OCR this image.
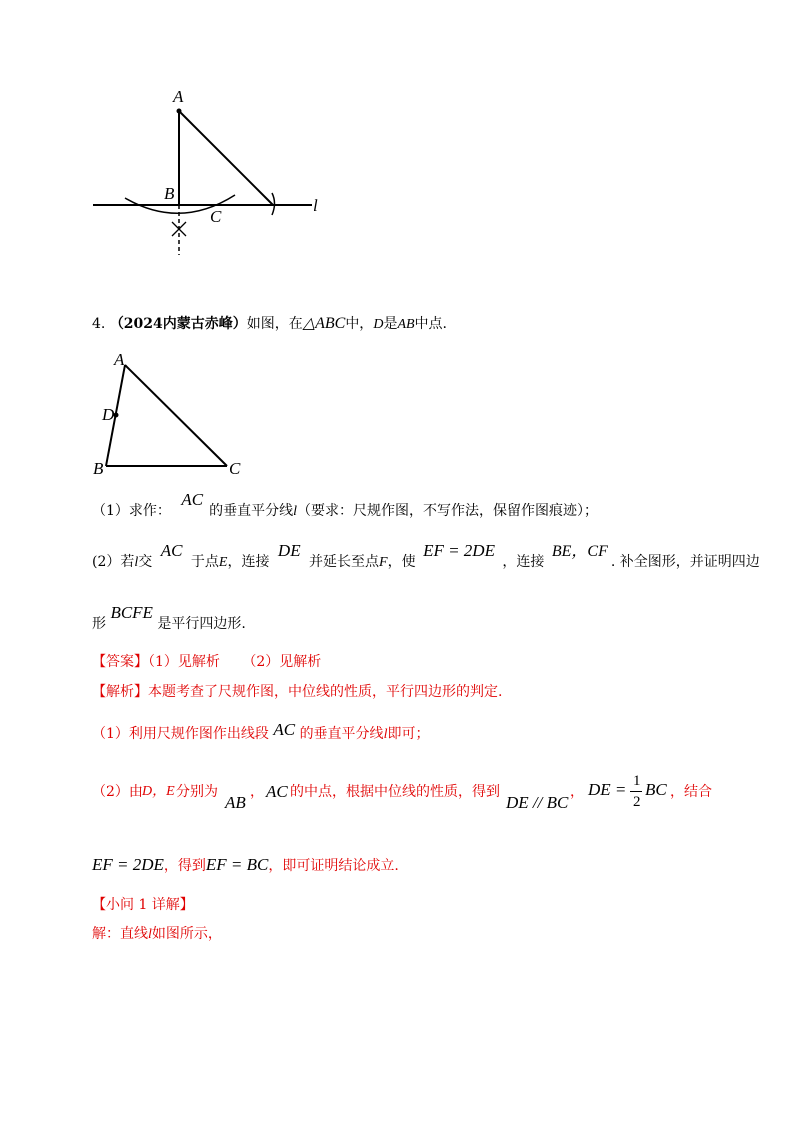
A
B
C
l
4. （2024内蒙古赤峰）如图，在△ABC中，D是AB中点.
A
D
B	C
（1）求作： AC的垂直平分线l（要求：尺规作图，不写作法，保留作图痕迹）；
(2）若l交 AC 于点E，连接 DE 并延长至点F，使 EF = 2DE ，连接 BE，CF. 补全图形，并证明四边
形 BCFE 是平行四边形.
【答案】（1）见解析 （2）见解析
【解析】本题考查了尺规作图，中位线的性质，平行四边形的判定.
（1）利用尺规作图作出线段 AC 的垂直平分线l即可；
（2）由 D，E 分别为
AB
， AC 的中点，根据中位线的性质，得到
DE // BC
， DE = 1
2
BC ，结合
EF = 2DE，得到EF = BC，即可证明结论成立.
【小问 1 详解】
解：直线l如图所示，
